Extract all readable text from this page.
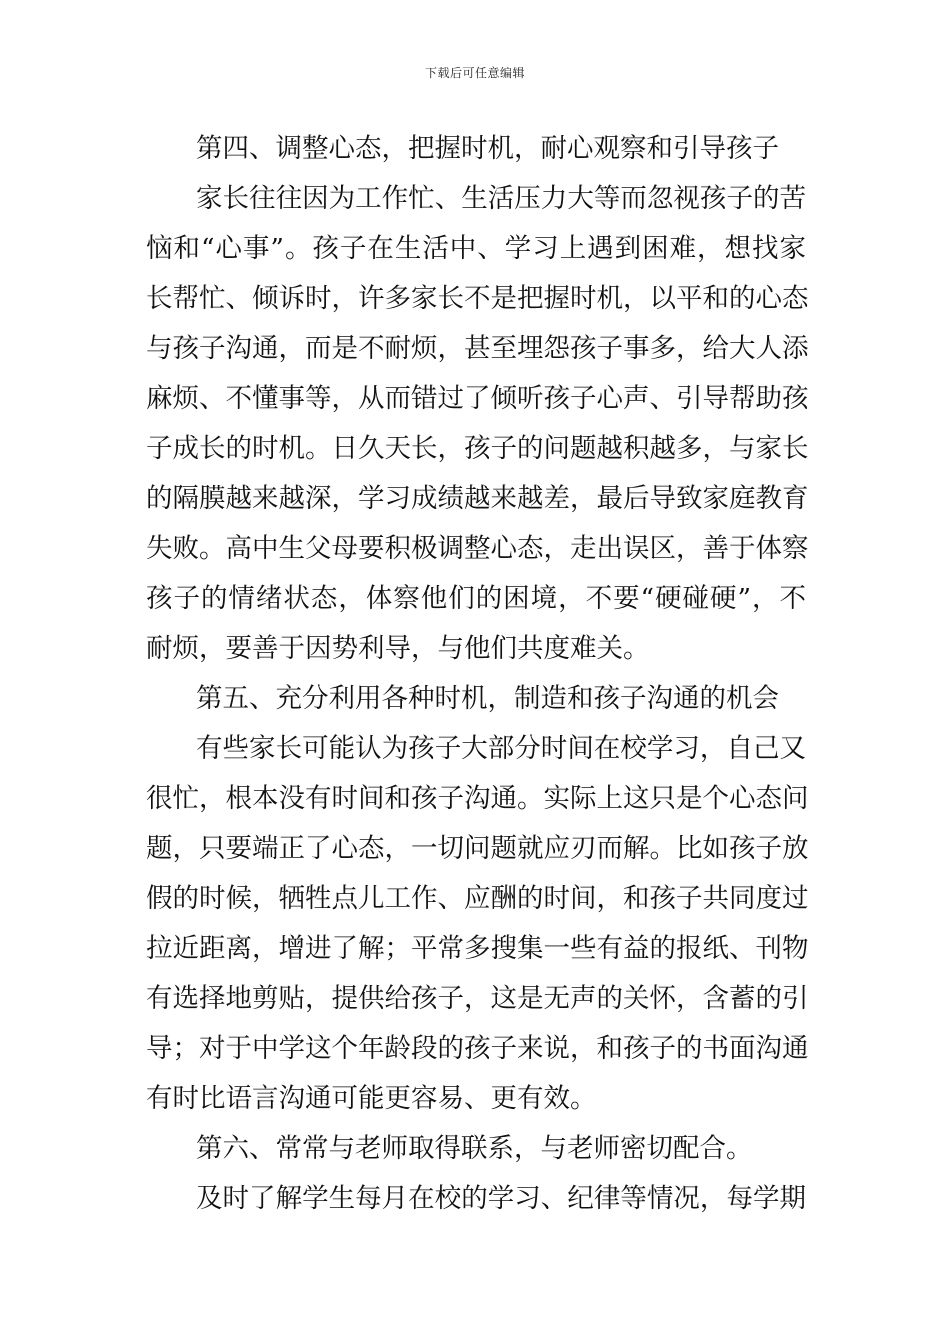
下载后可任意编辑
第四、调整心态，把握时机，耐心观察和引导孩子
家长往往因为工作忙、生活压力大等而忽视孩子的苦
恼和“心事”。孩子在生活中、学习上遇到困难，想找家
长帮忙、倾诉时，许多家长不是把握时机，以平和的心态
与孩子沟通，而是不耐烦，甚至埋怨孩子事多，给大人添
麻烦、不懂事等，从而错过了倾听孩子心声、引导帮助孩
子成长的时机。日久天长，孩子的问题越积越多，与家长
的隔膜越来越深，学习成绩越来越差，最后导致家庭教育
失败。高中生父母要积极调整心态，走出误区，善于体察
孩子的情绪状态，体察他们的困境，不要“硬碰硬”，不
耐烦，要善于因势利导，与他们共度难关。
第五、充分利用各种时机，制造和孩子沟通的机会
有些家长可能认为孩子大部分时间在校学习，自己又
很忙，根本没有时间和孩子沟通。实际上这只是个心态问
题，只要端正了心态，一切问题就应刃而解。比如孩子放
假的时候，牺牲点儿工作、应酬的时间，和孩子共同度过
拉近距离，增进了解；平常多搜集一些有益的报纸、刊物
有选择地剪贴，提供给孩子，这是无声的关怀，含蓄的引
导；对于中学这个年龄段的孩子来说，和孩子的书面沟通
有时比语言沟通可能更容易、更有效。
第六、常常与老师取得联系，与老师密切配合。
及时了解学生每月在校的学习、纪律等情况，每学期
